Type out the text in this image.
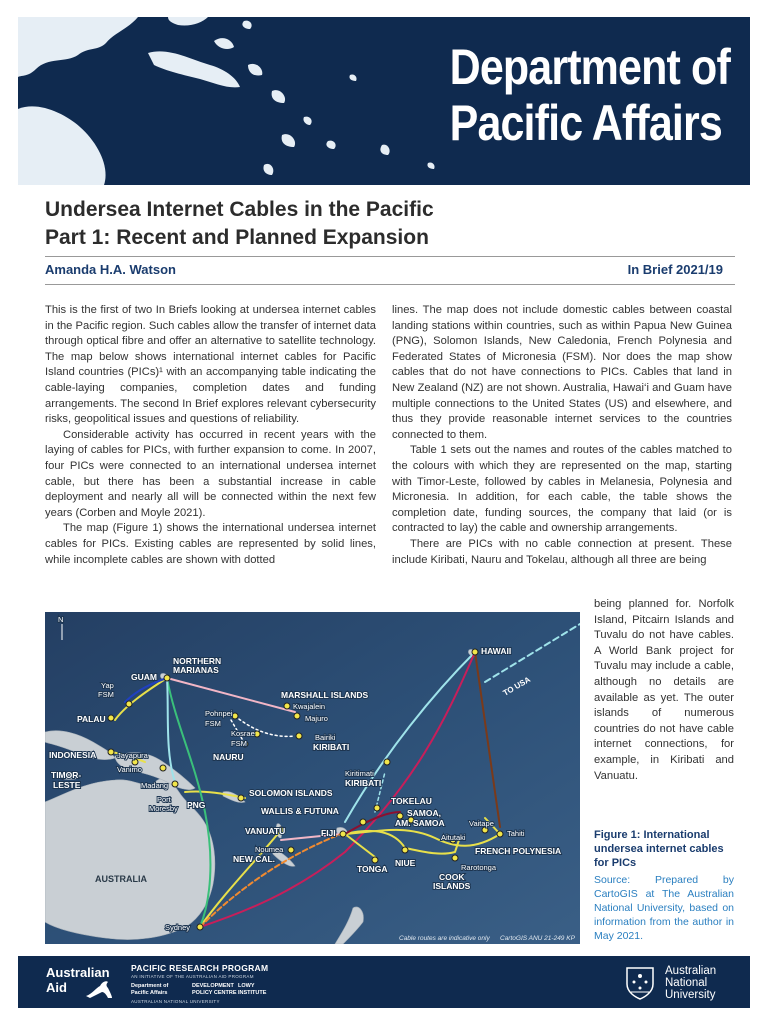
Department of
Pacific Affairs
Undersea Internet Cables in the Pacific
Part 1: Recent and Planned Expansion
Amanda H.A. Watson	In Brief 2021/19

This is the first of two In Briefs looking at undersea internet cables in the Pacific region. Such cables allow the transfer of internet data through optical fibre and offer an alternative to satellite technology. The map below shows international internet cables for Pacific Island countries (PICs)¹ with an accompanying table indicating the cable-laying companies, completion dates and funding arrangements. The second In Brief explores relevant cybersecurity risks, geopolitical issues and questions of reliability.

Considerable activity has occurred in recent years with the laying of cables for PICs, with further expansion to come. In 2007, four PICs were connected to an international undersea internet cable, but there has been a substantial increase in cable deployment and nearly all will be connected within the next few years (Corben and Moyle 2021).

The map (Figure 1) shows the international undersea internet cables for PICs. Existing cables are represented by solid lines, while incomplete cables are shown with dotted

lines. The map does not include domestic cables between coastal landing stations within countries, such as within Papua New Guinea (PNG), Solomon Islands, New Caledonia, French Polynesia and Federated States of Micronesia (FSM). Nor does the map show cables that do not have connections to PICs. Cables that land in New Zealand (NZ) are not shown. Australia, Hawai‘i and Guam have multiple connections to the United States (US) and elsewhere, and thus they provide reasonable internet services to the countries connected to them.

Table 1 sets out the names and routes of the cables matched to the colours with which they are represented on the map, starting with Timor-Leste, followed by cables in Melanesia, Polynesia and Micronesia. In addition, for each cable, the table shows the completion date, funding sources, the company that laid (or is contracted to lay) the cable and ownership arrangements.

There are PICs with no cable connection at present. These include Kiribati, Nauru and Tokelau, although all three are being

being planned for. Norfolk Island, Pitcairn Islands and Tuvalu do not have cables. A World Bank project for Tuvalu may include a cable, although no details are available as yet. The outer islands of numerous countries do not have cable internet connections, for example, in Kiribati and Vanuatu.

N
NORTHERN
MARIANAS
GUAM
Yap
FSM
PALAU
MARSHALL ISLANDS
Kwajalein
Majuro
Pohnpei
FSM
Kosrae
FSM
Bairiki
KIRIBATI
NAURU
HAWAII
TO USA
INDONESIA	Jayapura
Vanimo
Madang
TIMOR-
LESTE
Port
Moresby PNG
SOLOMON ISLANDS
Kiritimati
KIRIBATI
TOKELAU
WALLIS & FUTUNA	SAMOA,
AM. SAMOA
VANUATU	FIJI
Noumea
NEW CAL.
TONGA
NIUE
Vaitape
Tahiti
Aitutaki
FRENCH POLYNESIA
Rarotonga
COOK
ISLANDS
AUSTRALIA
Sydney
Cable routes are indicative only CartoGIS ANU 21-249 KP
Figure 1: International undersea internet cables for PICs
Source: Prepared by CartoGIS at The Australian National University, based on information from the author in May 2021.
Australian
Aid
PACIFIC RESEARCH PROGRAM
AN INITIATIVE OF THE AUSTRALIAN AID PROGRAM
Department of
Pacific Affairs
DEVELOPMENT
POLICY CENTRE
LOWY
INSTITUTE
AUSTRALIAN NATIONAL UNIVERSITY
Australian
National
University
